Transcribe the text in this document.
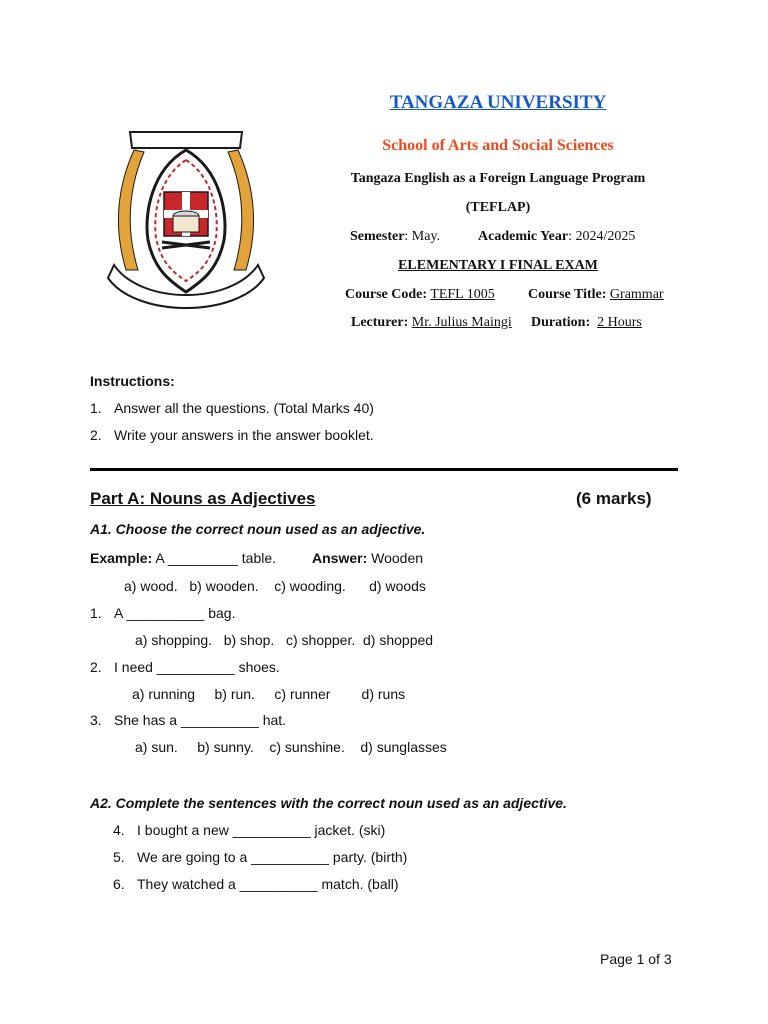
TANGAZA UNIVERSITY
School of Arts and Social Sciences
Tangaza English as a Foreign Language Program
(TEFLAP)
Semester: May.	Academic Year: 2024/2025
ELEMENTARY I FINAL EXAM
Course Code: TEFL 1005 Course Title: Grammar
Lecturer: Mr. Julius Maingi Duration: 2 Hours
Instructions:
1. Answer all the questions. (Total Marks 40)
2. Write your answers in the answer booklet.
Part A: Nouns as Adjectives	(6 marks)
A1. Choose the correct noun used as an adjective.
Example: A _________ table.	Answer: Wooden
a) wood.   b) wooden.    c) wooding.      d) woods
1. A __________ bag.
a) shopping.   b) shop.   c) shopper.  d) shopped
2. I need __________ shoes.
a) running     b) run.     c) runner        d) runs
3. She has a __________ hat.
a) sun.     b) sunny.    c) sunshine.    d) sunglasses
A2. Complete the sentences with the correct noun used as an adjective.
4. I bought a new __________ jacket. (ski)
5. We are going to a __________ party. (birth)
6. They watched a __________ match. (ball)
Page 1 of 3
